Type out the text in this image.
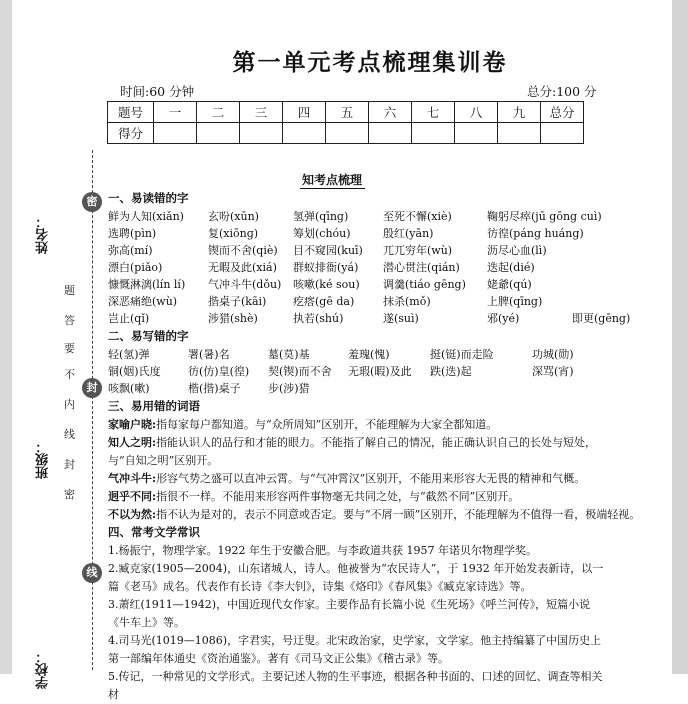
姓名：
班级：
学校：
题
答
要
不
内
线
封
密
密
封
线
第一单元考点梳理集训卷
时间:60 分钟	总分:100 分
题号	一	二	三	四	五	六	七	八	九	总分
得分										
知考点梳理
一、易读错的字
鲜为人知(xiǎn) 玄吩(xūn)	氢弹(qīng)	至死不懈(xiè)	鞠躬尽瘁(jū gōng cuì)
选聘(pìn)	复(xiōnɡ)	筹划(chóu)	殷红(yān)	彷徨(páng huáng)
弥高(mí)	锲而不舍(qiè) 目不窥园(kuī) 兀兀穷年(wù)	沥尽心血(lì)
漂白(piǎo)	无暇及此(xiá) 群蚁排衙(yá) 潜心贯注(qián) 迭起(dié)
慷慨淋漓(lín lí) 气冲斗牛(dǒu) 咳嗽(ké sou) 调羹(tiáo gēng) 姥爺(qú)
深恶痛绝(wù)	揩桌子(kāi) 疙瘩(gē da)	抹杀(mǒ)	上脾(qīng)
岂止(qǐ)	涉猎(shè)	执若(shú)	遂(suì)	邪(yé)	即更(gēng)
二、易写错的字
轻(氢)弹	署(暑)名	墓(莫)基	羞瑰(愧)	挺(铤)而走险	功城(勋)
铜(姻)氏度 彷(仿)皇(徨) 契(锲)而不舍 无瑕(暇)及此 跌(迭)起	深骂(宵)
咳飘(嗽)	楷(揩)桌子 步(涉)猎
三、易用错的词语
家喻户晓:指每家每户都知道。与“众所周知”区别开，不能理解为大家全都知道。
知人之明:指能认识人的品行和才能的眼力。不能指了解自己的情况，能正确认识自己的长处与短处，与“自知之明”区别开。
气冲斗牛:形容气势之盛可以直冲云霄。与“气冲霄汉”区别开，不能用来形容大无畏的精神和气概。
迥乎不同:指很不一样。不能用来形容两件事物毫无共同之处，与“截然不同”区别开。
不以为然:指不认为是对的，表示不同意或否定。要与“不屑一顾”区别开，不能理解为不值得一看，极端轻视。
四、常考文学常识
1.杨振宁，物理学家。1922 年生于安徽合肥。与李政道共获 1957 年诺贝尔物理学奖。
2.臧克家(1905—2004)，山东诸城人，诗人。他被誉为“农民诗人”，于 1932 年开始发表新诗，以一篇《老马》成名。代表作有长诗《李大钊》，诗集《烙印》《春风集》《臧克家诗选》等。
3.萧红(1911—1942)，中国近现代女作家。主要作品有长篇小说《生死场》《呼兰河传》，短篇小说《牛车上》等。
4.司马光(1019—1086)，字君实，号迂叟。北宋政治家，史学家，文学家。他主持编纂了中国历史上第一部编年体通史《资治通鉴》。著有《司马文正公集》《稽古录》等。
5.传记，一种常见的文学形式。主要记述人物的生平事迹，根据各种书面的、口述的回忆、调查等相关材
